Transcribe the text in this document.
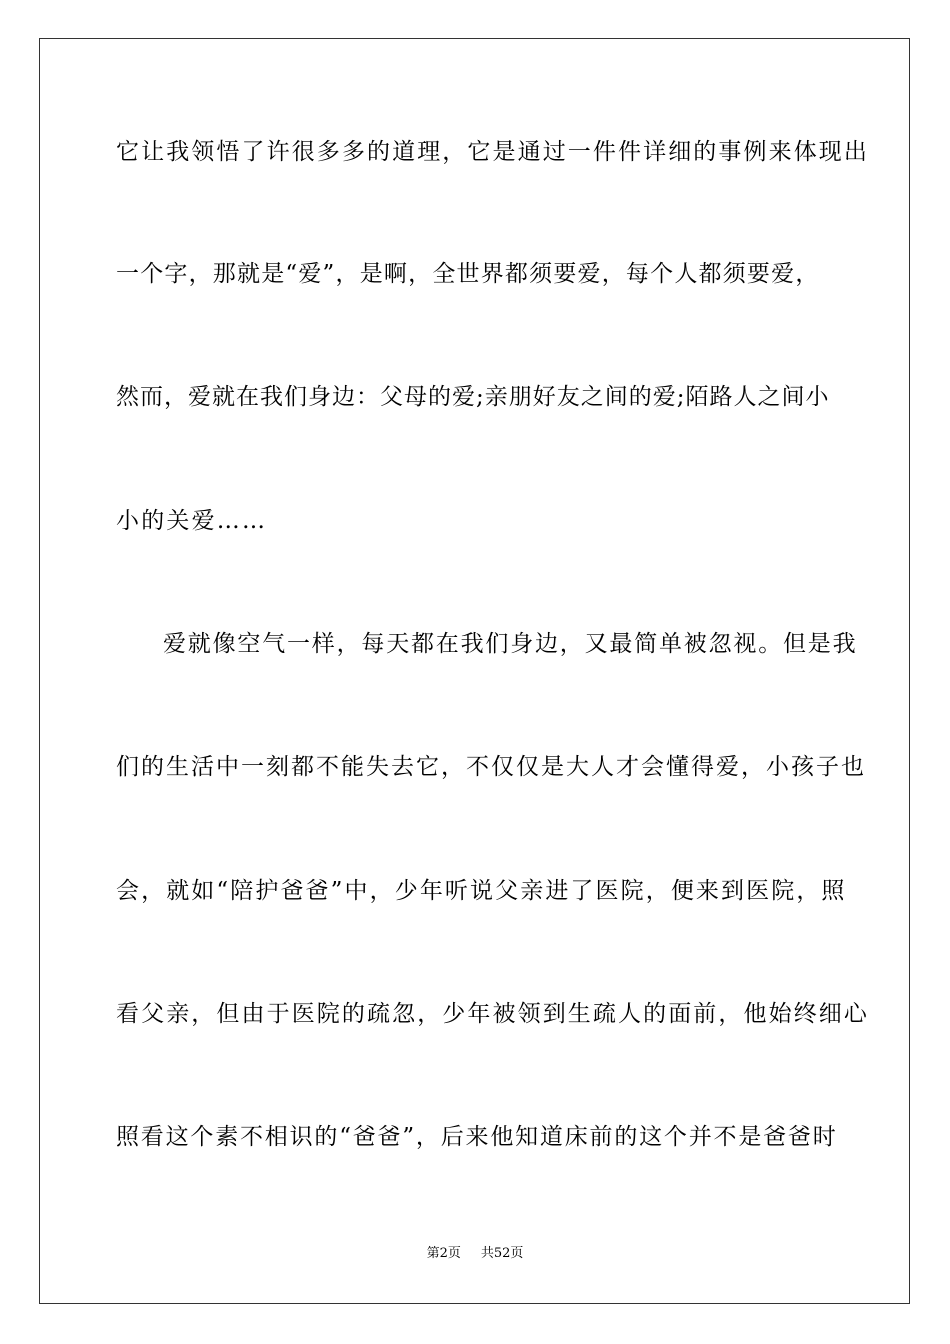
它让我领悟了许很多多的道理，它是通过一件件详细的事例来体现出
一个字，那就是“爱”，是啊，全世界都须要爱，每个人都须要爱，
然而，爱就在我们身边：父母的爱;亲朋好友之间的爱;陌路人之间小
小的关爱……
爱就像空气一样，每天都在我们身边，又最简单被忽视。但是我
们的生活中一刻都不能失去它，不仅仅是大人才会懂得爱，小孩子也
会，就如“陪护爸爸”中，少年听说父亲进了医院，便来到医院，照
看父亲，但由于医院的疏忽，少年被领到生疏人的面前，他始终细心
照看这个素不相识的“爸爸”，后来他知道床前的这个并不是爸爸时
第2页 共52页
